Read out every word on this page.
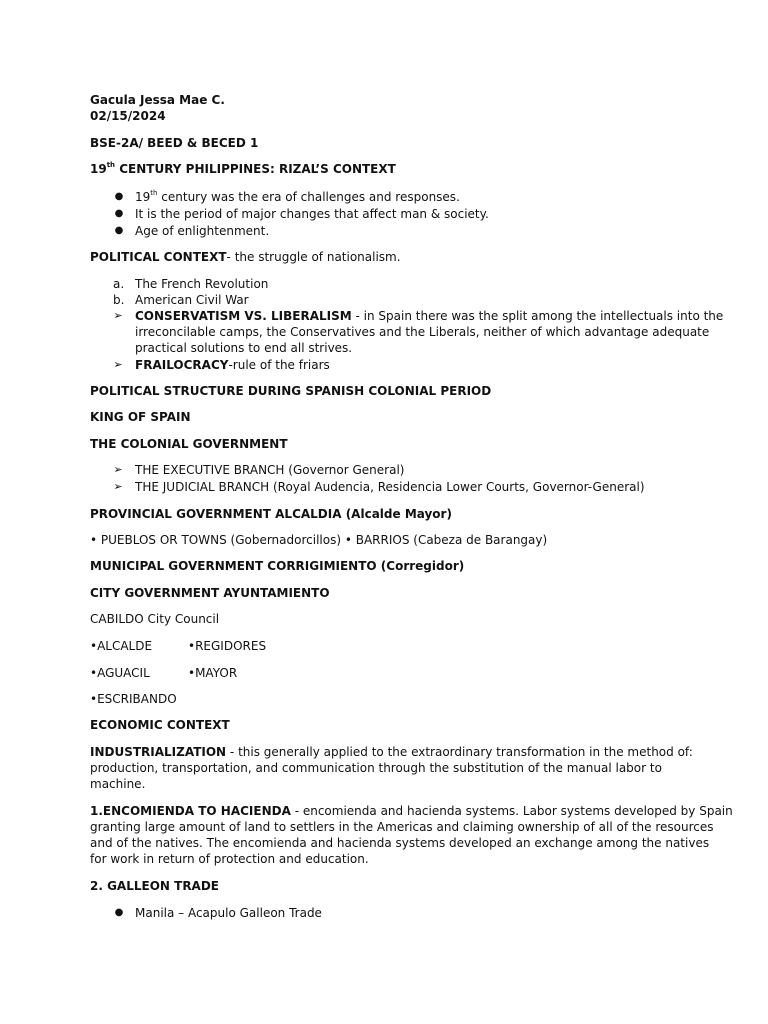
Gacula Jessa Mae C.
02/15/2024
BSE-2A/ BEED & BECED 1
19th CENTURY PHILIPPINES: RIZAL’S CONTEXT
● 19th century was the era of challenges and responses.
● It is the period of major changes that affect man & society.
● Age of enlightenment.
POLITICAL CONTEXT- the struggle of nationalism.
a. The French Revolution
b. American Civil War
➢ CONSERVATISM VS. LIBERALISM - in Spain there was the split among the intellectuals into the
irreconcilable camps, the Conservatives and the Liberals, neither of which advantage adequate
practical solutions to end all strives.
➢ FRAILOCRACY-rule of the friars
POLITICAL STRUCTURE DURING SPANISH COLONIAL PERIOD
KING OF SPAIN
THE COLONIAL GOVERNMENT
➢ THE EXECUTIVE BRANCH (Governor General)
➢ THE JUDICIAL BRANCH (Royal Audencia, Residencia Lower Courts, Governor-General)
PROVINCIAL GOVERNMENT ALCALDIA (Alcalde Mayor)
• PUEBLOS OR TOWNS (Gobernadorcillos) • BARRIOS (Cabeza de Barangay)
MUNICIPAL GOVERNMENT CORRIGIMIENTO (Corregidor)
CITY GOVERNMENT AYUNTAMIENTO
CABILDO City Council
•ALCALDE	•REGIDORES
•AGUACIL	•MAYOR
•ESCRIBANDO
ECONOMIC CONTEXT
INDUSTRIALIZATION - this generally applied to the extraordinary transformation in the method of:
production, transportation, and communication through the substitution of the manual labor to
machine.
1.ENCOMIENDA TO HACIENDA - encomienda and hacienda systems. Labor systems developed by Spain
granting large amount of land to settlers in the Americas and claiming ownership of all of the resources
and of the natives. The encomienda and hacienda systems developed an exchange among the natives
for work in return of protection and education.
2. GALLEON TRADE
● Manila – Acapulo Galleon Trade
